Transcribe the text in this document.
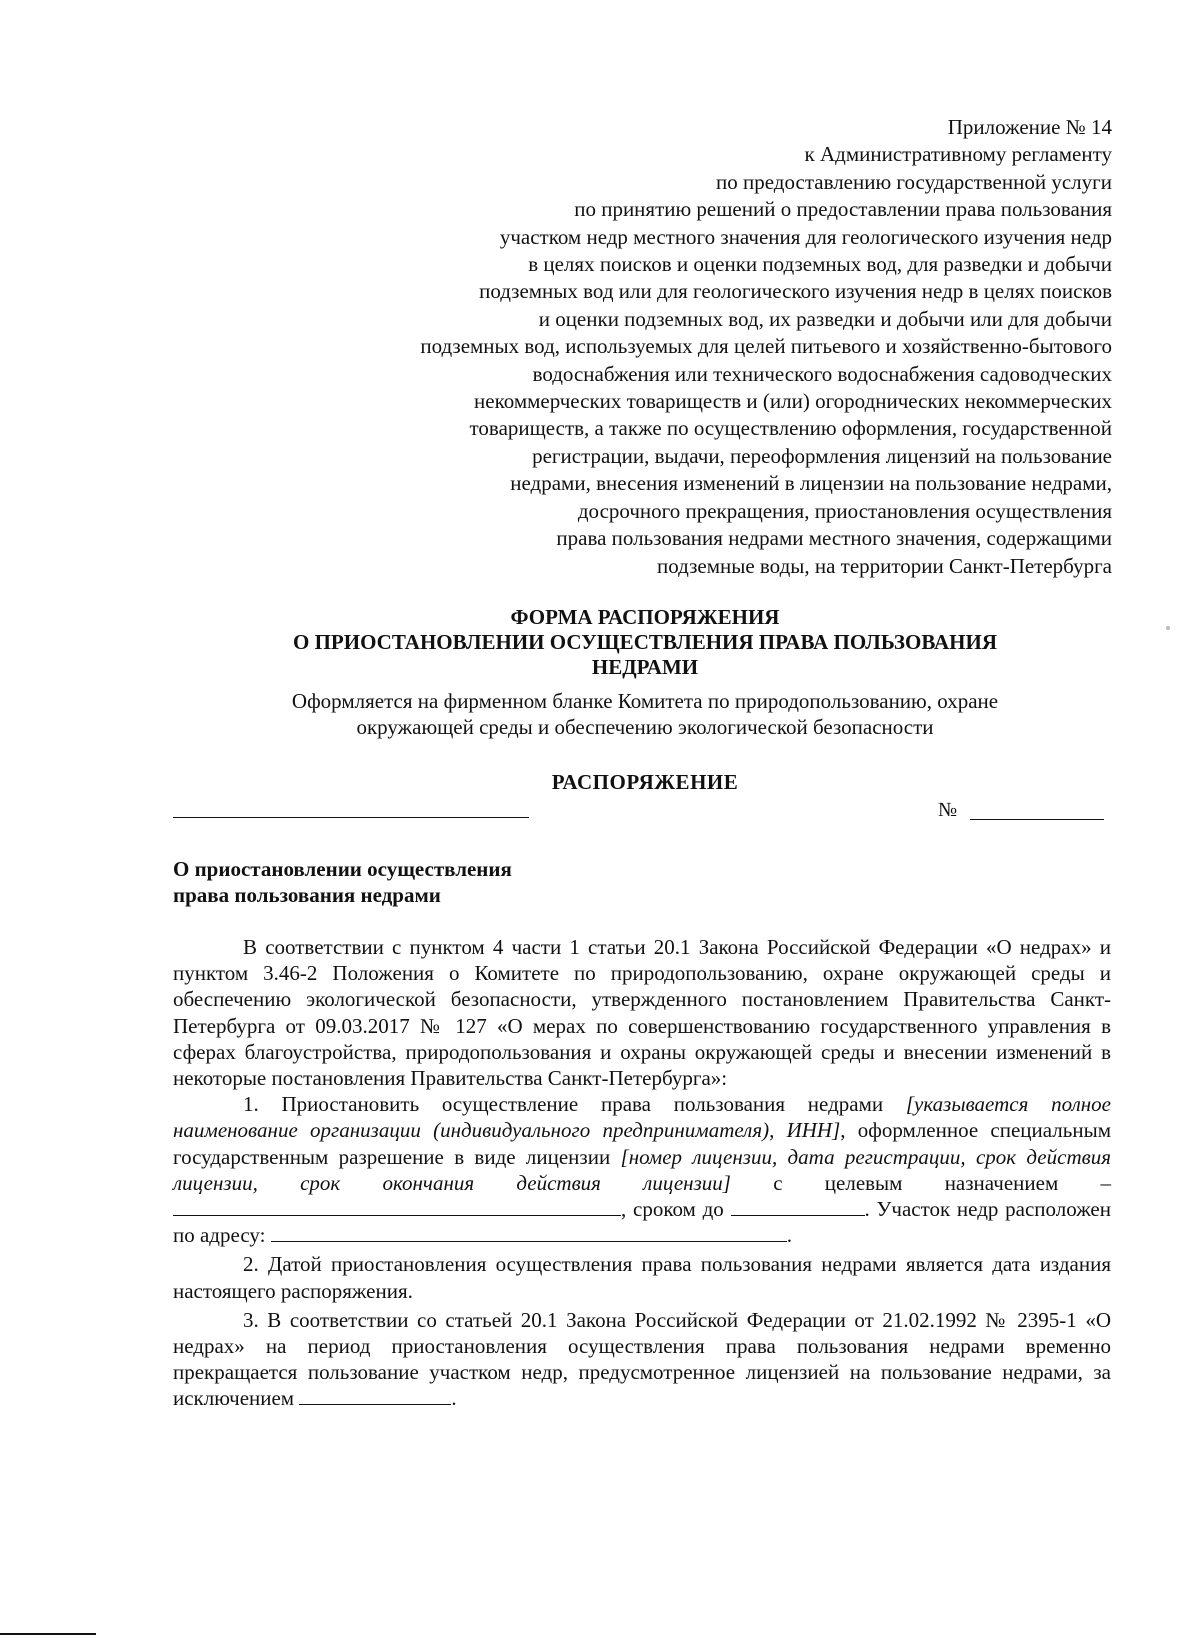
Приложение № 14
к Административному регламенту
по предоставлению государственной услуги
по принятию решений о предоставлении права пользования
участком недр местного значения для геологического изучения недр
в целях поисков и оценки подземных вод, для разведки и добычи
подземных вод или для геологического изучения недр в целях поисков
и оценки подземных вод, их разведки и добычи или для добычи
подземных вод, используемых для целей питьевого и хозяйственно-бытового
водоснабжения или технического водоснабжения садоводческих
некоммерческих товариществ и (или) огороднических некоммерческих
товариществ, а также по осуществлению оформления, государственной
регистрации, выдачи, переоформления лицензий на пользование
недрами, внесения изменений в лицензии на пользование недрами,
досрочного прекращения, приостановления осуществления
права пользования недрами местного значения, содержащими
подземные воды, на территории Санкт-Петербурга
ФОРМА РАСПОРЯЖЕНИЯ
О ПРИОСТАНОВЛЕНИИ ОСУЩЕСТВЛЕНИЯ ПРАВА ПОЛЬЗОВАНИЯ
НЕДРАМИ
Оформляется на фирменном бланке Комитета по природопользованию, охране
окружающей среды и обеспечению экологической безопасности
РАСПОРЯЖЕНИЕ
№
О приостановлении осуществления
права пользования недрами

В соответствии с пунктом 4 части 1 статьи 20.1 Закона Российской Федерации «О недрах» и пунктом 3.46-2 Положения о Комитете по природопользованию, охране окружающей среды и обеспечению экологической безопасности, утвержденного постановлением Правительства Санкт-Петербурга от 09.03.2017 № 127 «О мерах по совершенствованию государственного управления в сферах благоустройства, природопользования и охраны окружающей среды и внесении изменений в некоторые постановления Правительства Санкт-Петербурга»:

1. Приостановить осуществление права пользования недрами [указывается полное наименование организации (индивидуального предпринимателя), ИНН], оформленное специальным государственным разрешение в виде лицензии [номер лицензии, дата регистрации, срок действия лицензии, срок окончания действия лицензии] с целевым назначением – , сроком до	. Участок недр расположен по адресу:	.

2. Датой приостановления осуществления права пользования недрами является дата издания настоящего распоряжения.

3. В соответствии со статьей 20.1 Закона Российской Федерации от 21.02.1992 № 2395-1 «О недрах» на период приостановления осуществления права пользования недрами временно прекращается пользование участком недр, предусмотренное лицензией на пользование недрами, за исключением	.
